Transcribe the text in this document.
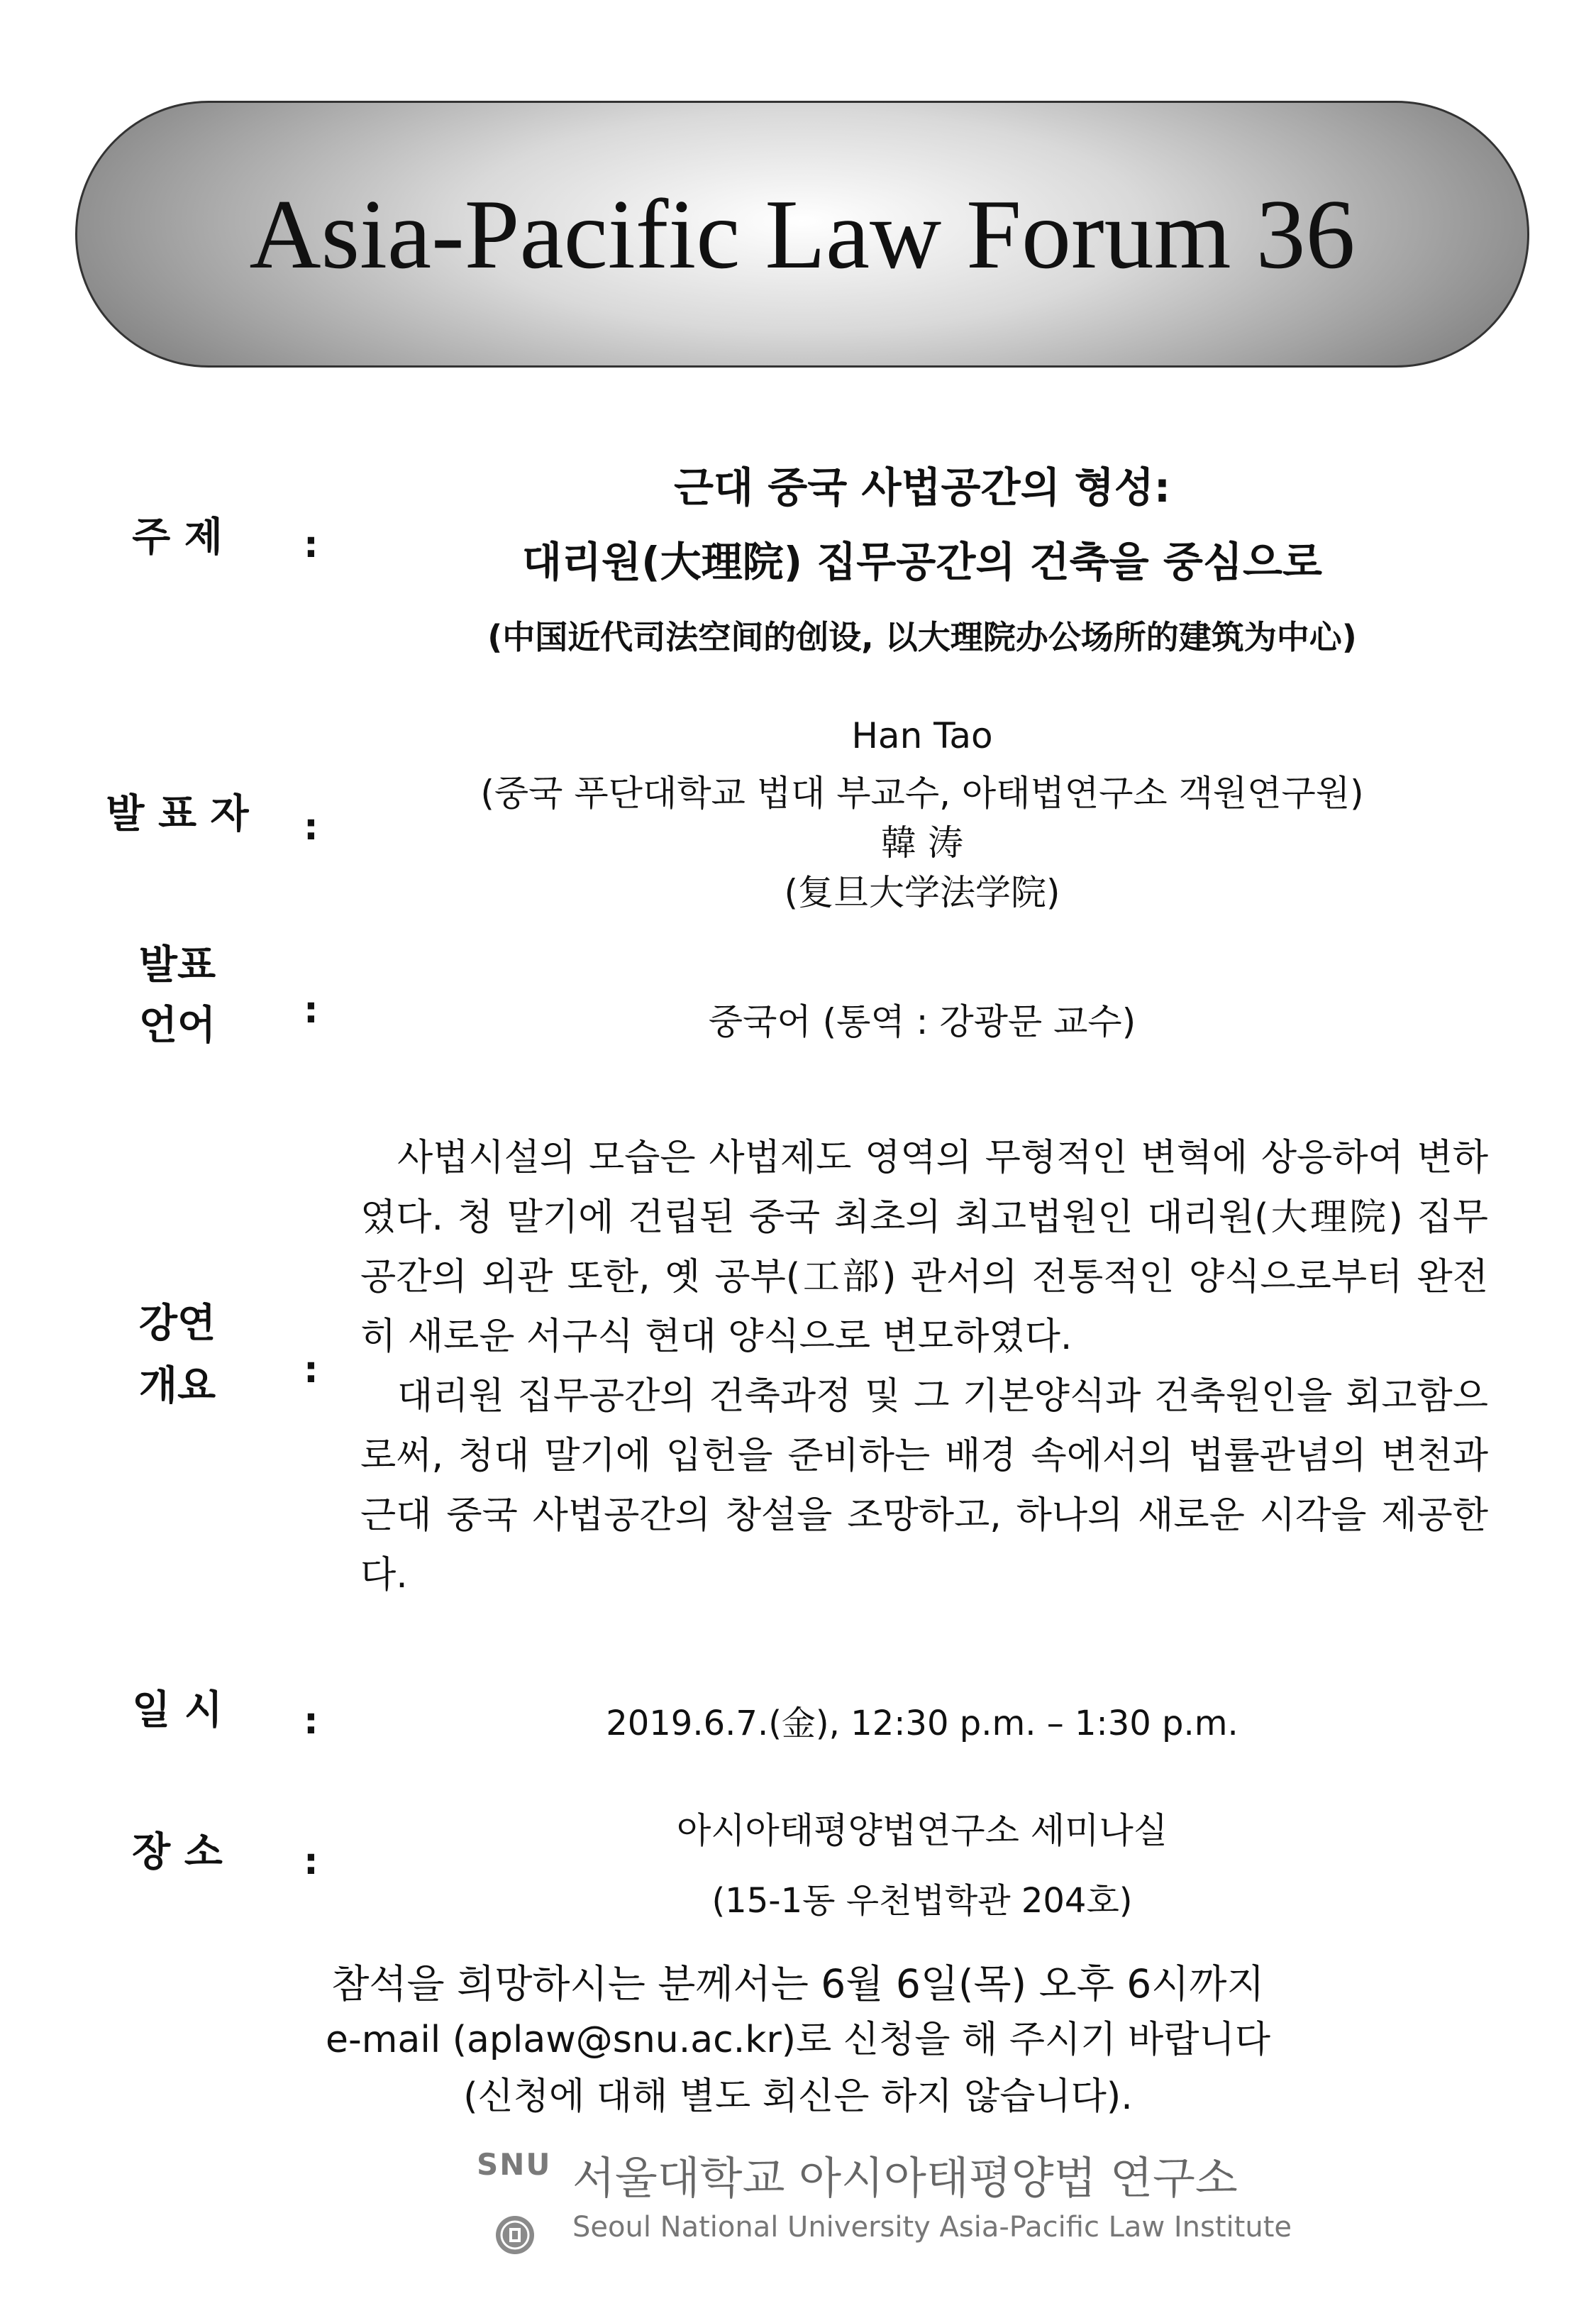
Asia-Pacific Law Forum 36
주 제	:
근대 중국 사법공간의 형성:
대리원(大理院) 집무공간의 건축을 중심으로
(中国近代司法空间的创设, 以大理院办公场所的建筑为中心)
발 표 자 :
Han Tao
(중국 푸단대학교 법대 부교수, 아태법연구소 객원연구원)
韓 涛
(复旦大学法学院)
발표
언어	:	중국어 (통역 : 강광문 교수)
강연
개요	:

사법시설의 모습은 사법제도 영역의 무형적인 변혁에 상응하여 변하였다. 청 말기에 건립된 중국 최초의 최고법원인 대리원(大理院) 집무공간의 외관 또한, 옛 공부(工部) 관서의 전통적인 양식으로부터 완전히 새로운 서구식 현대 양식으로 변모하였다.

대리원 집무공간의 건축과정 및 그 기본양식과 건축원인을 회고함으로써, 청대 말기에 입헌을 준비하는 배경 속에서의 법률관념의 변천과 근대 중국 사법공간의 창설을 조망하고, 하나의 새로운 시각을 제공한다.

일 시	:	2019.6.7.(金), 12:30 p.m. – 1:30 p.m.
장 소	:
아시아태평양법연구소 세미나실
(15-1동 우천법학관 204호)
참석을 희망하시는 분께서는 6월 6일(목) 오후 6시까지
e-mail (aplaw@snu.ac.kr)로 신청을 해 주시기 바랍니다
(신청에 대해 별도 회신은 하지 않습니다).
SNU 서울대학교 아시아태평양법 연구소
Seoul National University Asia-Pacific Law Institute
